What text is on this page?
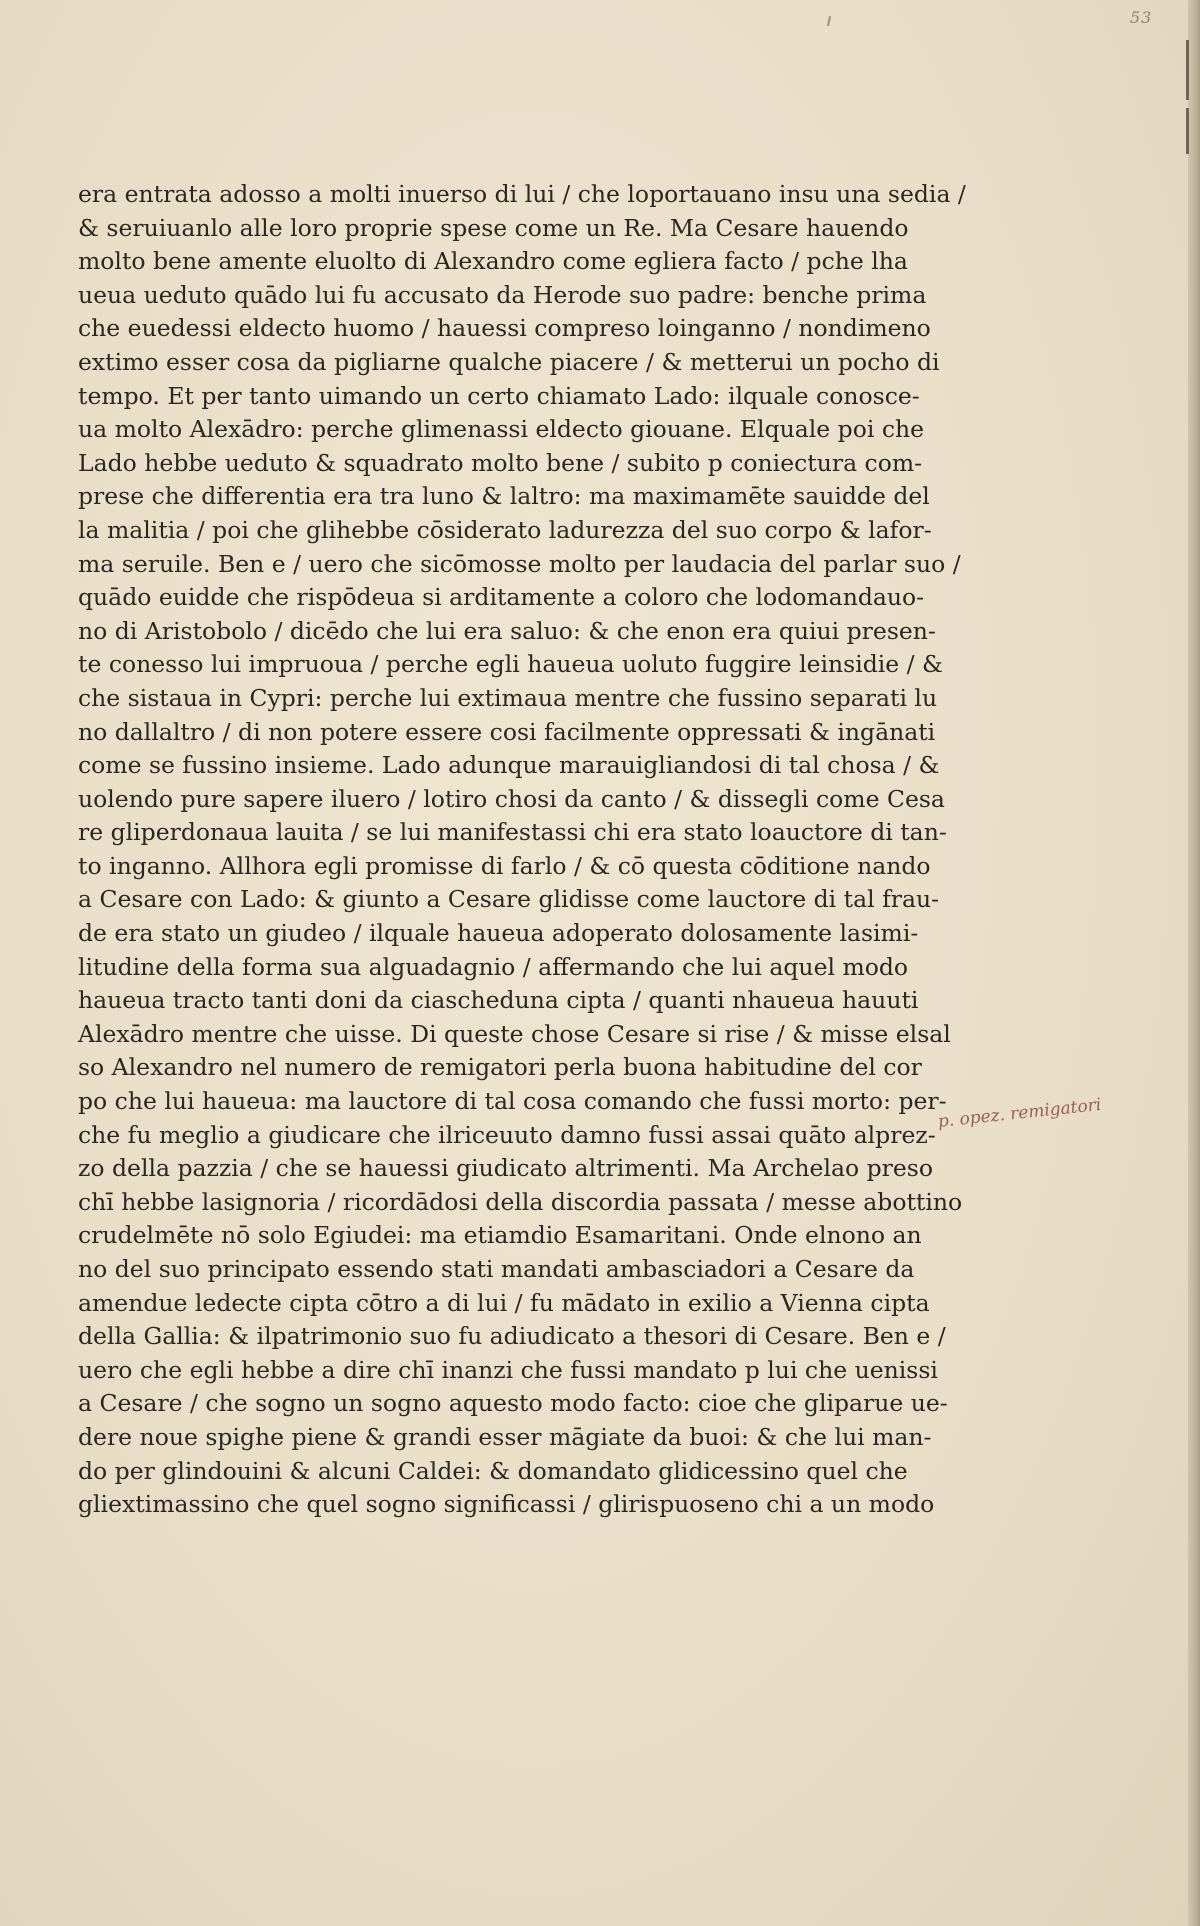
53
era entrata adosso a molti inuerso di lui / che loportauano insu una sedia /
& seruiuanlo alle loro proprie spese come un Re. Ma Cesare hauendo
molto bene amente eluolto di Alexandro come egliera facto / pche lha
ueua ueduto quādo lui fu accusato da Herode suo padre: benche prima
che euedessi eldecto huomo / hauessi compreso loinganno / nondimeno
extimo esser cosa da pigliarne qualche piacere / & metterui un pocho di
tempo. Et per tanto uimando un certo chiamato Lado: ilquale conosce-
ua molto Alexādro: perche glimenassi eldecto giouane. Elquale poi che
Lado hebbe ueduto & squadrato molto bene / subito p coniectura com-
prese che differentia era tra luno & laltro: ma maximamēte sauidde del
la malitia / poi che glihebbe cōsiderato ladurezza del suo corpo & lafor-
ma seruile. Ben e / uero che sicōmosse molto per laudacia del parlar suo /
quādo euidde che rispōdeua si arditamente a coloro che lodomandauo-
no di Aristobolo / dicēdo che lui era saluo: & che enon era quiui presen-
te conesso lui impruoua / perche egli haueua uoluto fuggire leinsidie / &
che sistaua in Cypri: perche lui extimaua mentre che fussino separati lu
no dallaltro / di non potere essere cosi facilmente oppressati & ingānati
come se fussino insieme. Lado adunque marauigliandosi di tal chosa / &
uolendo pure sapere iluero / lotiro chosi da canto / & dissegli come Cesa
re gliperdonaua lauita / se lui manifestassi chi era stato loauctore di tan-
to inganno. Allhora egli promisse di farlo / & cō questa cōditione nando
a Cesare con Lado: & giunto a Cesare glidisse come lauctore di tal frau-
de era stato un giudeo / ilquale haueua adoperato dolosamente lasimi-
litudine della forma sua alguadagnio / affermando che lui aquel modo
haueua tracto tanti doni da ciascheduna cipta / quanti nhaueua hauuti
Alexādro mentre che uisse. Di queste chose Cesare si rise / & misse elsal
so Alexandro nel numero de remigatori perla buona habitudine del cor
po che lui haueua: ma lauctore di tal cosa comando che fussi morto: per-
che fu meglio a giudicare che ilriceuuto damno fussi assai quāto alprez-
zo della pazzia / che se hauessi giudicato altrimenti. Ma Archelao preso
chī hebbe lasignoria / ricordādosi della discordia passata / messe abottino
crudelmēte nō solo Egiudei: ma etiamdio Esamaritani. Onde elnono an
no del suo principato essendo stati mandati ambasciadori a Cesare da
amendue ledecte cipta cōtro a di lui / fu mādato in exilio a Vienna cipta
della Gallia: & ilpatrimonio suo fu adiudicato a thesori di Cesare. Ben e /
uero che egli hebbe a dire chī inanzi che fussi mandato p lui che uenissi
a Cesare / che sogno un sogno aquesto modo facto: cioe che gliparue ue-
dere noue spighe piene & grandi esser māgiate da buoi: & che lui man-
do per glindouini & alcuni Caldei: & domandato glidicessino quel che
gliextimassino che quel sogno significassi / glirispuoseno chi a un modo
p. opez. remigatori
